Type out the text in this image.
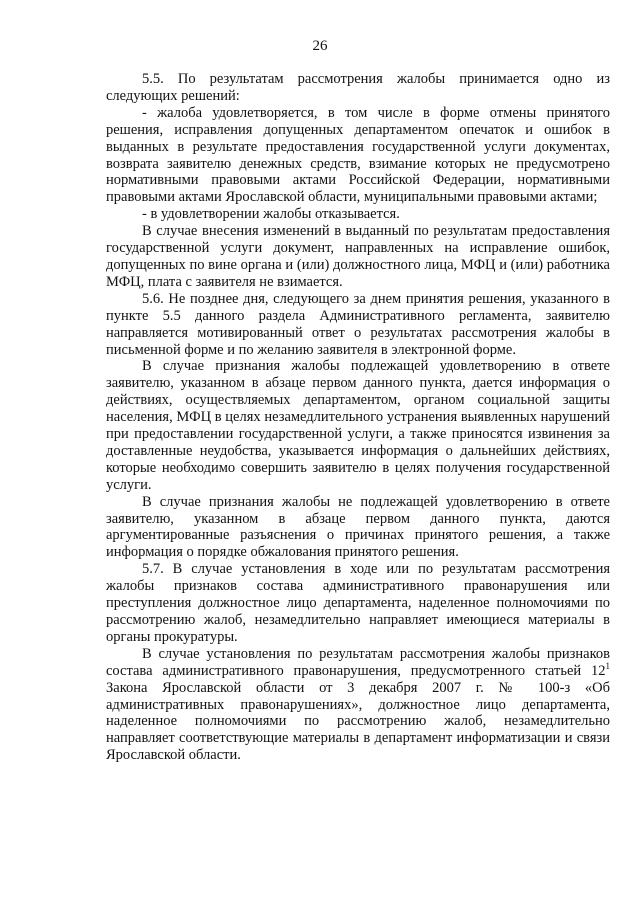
26

5.5. По результатам рассмотрения жалобы принимается одно из следующих решений:

- жалоба удовлетворяется, в том числе в форме отмены принятого решения, исправления допущенных департаментом опечаток и ошибок в выданных в результате предоставления государственной услуги документах, возврата заявителю денежных средств, взимание которых не предусмотрено нормативными правовыми актами Российской Федерации, нормативными правовыми актами Ярославской области, муниципальными правовыми актами;

- в удовлетворении жалобы отказывается.

В случае внесения изменений в выданный по результатам предоставления государственной услуги документ, направленных на исправление ошибок, допущенных по вине органа и (или) должностного лица, МФЦ и (или) работника МФЦ, плата с заявителя не взимается.

5.6. Не позднее дня, следующего за днем принятия решения, указанного в пункте 5.5 данного раздела Административного регламента, заявителю направляется мотивированный ответ о результатах рассмотрения жалобы в письменной форме и по желанию заявителя в электронной форме.

В случае признания жалобы подлежащей удовлетворению в ответе заявителю, указанном в абзаце первом данного пункта, дается информация о действиях, осуществляемых департаментом, органом социальной защиты населения, МФЦ в целях незамедлительного устранения выявленных нарушений при предоставлении государственной услуги, а также приносятся извинения за доставленные неудобства, указывается информация о дальнейших действиях, которые необходимо совершить заявителю в целях получения государственной услуги.

В случае признания жалобы не подлежащей удовлетворению в ответе заявителю, указанном в абзаце первом данного пункта, даются аргументированные разъяснения о причинах принятого решения, а также информация о порядке обжалования принятого решения.

5.7. В случае установления в ходе или по результатам рассмотрения жалобы признаков состава административного правонарушения или преступления должностное лицо департамента, наделенное полномочиями по рассмотрению жалоб, незамедлительно направляет имеющиеся материалы в органы прокуратуры.

В случае установления по результатам рассмотрения жалобы признаков состава административного правонарушения, предусмотренного статьей $12^1$ Закона Ярославской области от 3 декабря 2007 г. № 100-з «Об административных правонарушениях», должностное лицо департамента, наделенное полномочиями по рассмотрению жалоб, незамедлительно направляет соответствующие материалы в департамент информатизации и связи Ярославской области.
